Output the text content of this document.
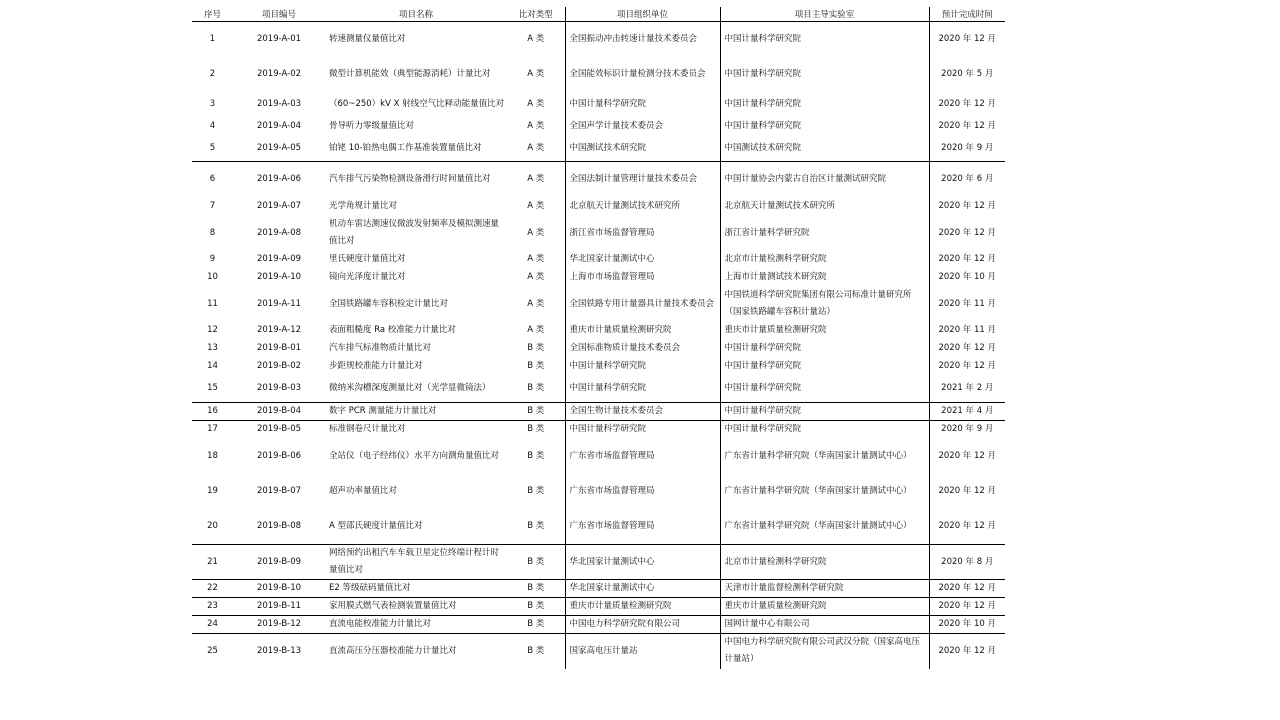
序号	项目编号	项目名称	比对类型	项目组织单位	项目主导实验室	预计完成时间

1	2019-A-01	转速测量仪量值比对	A 类	全国振动冲击转速计量技术委员会	中国计量科学研究院	2020 年 12 月

2	2019-A-02	微型计算机能效（典型能源消耗）计量比对	A 类	全国能效标识计量检测分技术委员会	中国计量科学研究院	2020 年 5 月

3	2019-A-03	（60~250）kV X 射线空气比释动能量值比对	A 类	中国计量科学研究院	中国计量科学研究院	2020 年 12 月

4	2019-A-04	骨导听力零级量值比对	A 类	全国声学计量技术委员会	中国计量科学研究院	2020 年 12 月

5	2019-A-05	铂铑 10-铂热电偶工作基准装置量值比对	A 类	中国测试技术研究院	中国测试技术研究院	2020 年 9 月

6	2019-A-06	汽车排气污染物检测设备滑行时间量值比对	A 类	全国法制计量管理计量技术委员会	中国计量协会内蒙古自治区计量测试研究院	2020 年 6 月

7	2019-A-07	光学角规计量比对	A 类	北京航天计量测试技术研究所	北京航天计量测试技术研究所	2020 年 12 月

8	2019-A-08	机动车雷达测速仪微波发射频率及模拟测速量值比对	A 类	浙江省市场监督管理局	浙江省计量科学研究院	2020 年 12 月

9	2019-A-09	里氏硬度计量值比对	A 类	华北国家计量测试中心	北京市计量检测科学研究院	2020 年 12 月

10	2019-A-10	镜向光泽度计量比对	A 类	上海市市场监督管理局	上海市计量测试技术研究院	2020 年 10 月

11	2019-A-11	全国铁路罐车容积检定计量比对	A 类	全国铁路专用计量器具计量技术委员会	中国铁道科学研究院集团有限公司标准计量研究所（国家铁路罐车容积计量站）	2020 年 11 月

12	2019-A-12	表面粗糙度 Ra 校准能力计量比对	A 类	重庆市计量质量检测研究院	重庆市计量质量检测研究院	2020 年 11 月

13	2019-B-01	汽车排气标准物质计量比对	B 类	全国标准物质计量技术委员会	中国计量科学研究院	2020 年 12 月

14	2019-B-02	步距规校准能力计量比对	B 类	中国计量科学研究院	中国计量科学研究院	2020 年 12 月

15	2019-B-03	微纳米沟槽深度测量比对（光学显微镜法）	B 类	中国计量科学研究院	中国计量科学研究院	2021 年 2 月

16	2019-B-04	数字 PCR 测量能力计量比对	B 类	全国生物计量技术委员会	中国计量科学研究院	2021 年 4 月

17	2019-B-05	标准钢卷尺计量比对	B 类	中国计量科学研究院	中国计量科学研究院	2020 年 9 月

18	2019-B-06	全站仪（电子经纬仪）水平方向测角量值比对	B 类	广东省市场监督管理局	广东省计量科学研究院（华南国家计量测试中心）	2020 年 12 月

19	2019-B-07	超声功率量值比对	B 类	广东省市场监督管理局	广东省计量科学研究院（华南国家计量测试中心）	2020 年 12 月

20	2019-B-08	A 型邵氏硬度计量值比对	B 类	广东省市场监督管理局	广东省计量科学研究院（华南国家计量测试中心）	2020 年 12 月

21	2019-B-09	网络预约出租汽车车载卫星定位终端计程计时量值比对	B 类	华北国家计量测试中心	北京市计量检测科学研究院	2020 年 8 月

22	2019-B-10	E2 等级砝码量值比对	B 类	华北国家计量测试中心	天津市计量监督检测科学研究院	2020 年 12 月

23	2019-B-11	家用膜式燃气表检测装置量值比对	B 类	重庆市计量质量检测研究院	重庆市计量质量检测研究院	2020 年 12 月

24	2019-B-12	直流电能校准能力计量比对	B 类	中国电力科学研究院有限公司	国网计量中心有限公司	2020 年 10 月

25	2019-B-13	直流高压分压器校准能力计量比对	B 类	国家高电压计量站	中国电力科学研究院有限公司武汉分院（国家高电压计量站）	2020 年 12 月
